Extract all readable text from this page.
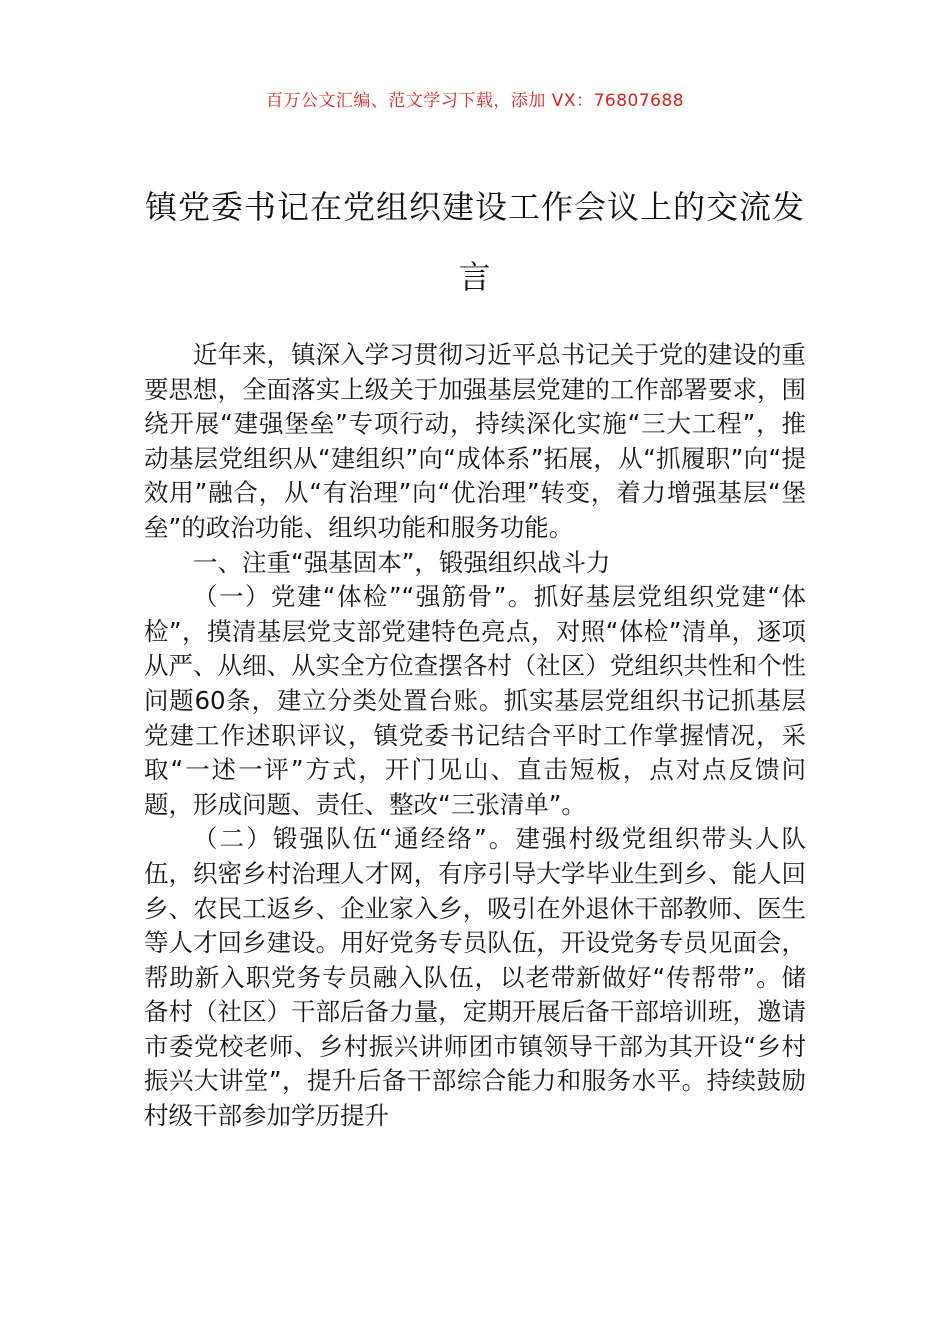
百万公文汇编、范文学习下载，添加 VX：76807688
镇党委书记在党组织建设工作会议上的交流发言

近年来，镇深入学习贯彻习近平总书记关于党的建设的重要思想，全面落实上级关于加强基层党建的工作部署要求，围绕开展“建强堡垒”专项行动，持续深化实施“三大工程”，推动基层党组织从“建组织”向“成体系”拓展，从“抓履职”向“提效用”融合，从“有治理”向“优治理”转变，着力增强基层“堡垒”的政治功能、组织功能和服务功能。

一、注重“强基固本”，锻强组织战斗力

（一）党建“体检”“强筋骨”。抓好基层党组织党建“体检”，摸清基层党支部党建特色亮点，对照“体检”清单，逐项从严、从细、从实全方位查摆各村（社区）党组织共性和个性问题60条，建立分类处置台账。抓实基层党组织书记抓基层党建工作述职评议，镇党委书记结合平时工作掌握情况，采取“一述一评”方式，开门见山、直击短板，点对点反馈问题，形成问题、责任、整改“三张清单”。

（二）锻强队伍“通经络”。建强村级党组织带头人队伍，织密乡村治理人才网，有序引导大学毕业生到乡、能人回乡、农民工返乡、企业家入乡，吸引在外退休干部教师、医生等人才回乡建设。用好党务专员队伍，开设党务专员见面会，帮助新入职党务专员融入队伍，以老带新做好“传帮带”。储备村（社区）干部后备力量，定期开展后备干部培训班，邀请市委党校老师、乡村振兴讲师团市镇领导干部为其开设“乡村振兴大讲堂”，提升后备干部综合能力和服务水平。持续鼓励村级干部参加学历提升
